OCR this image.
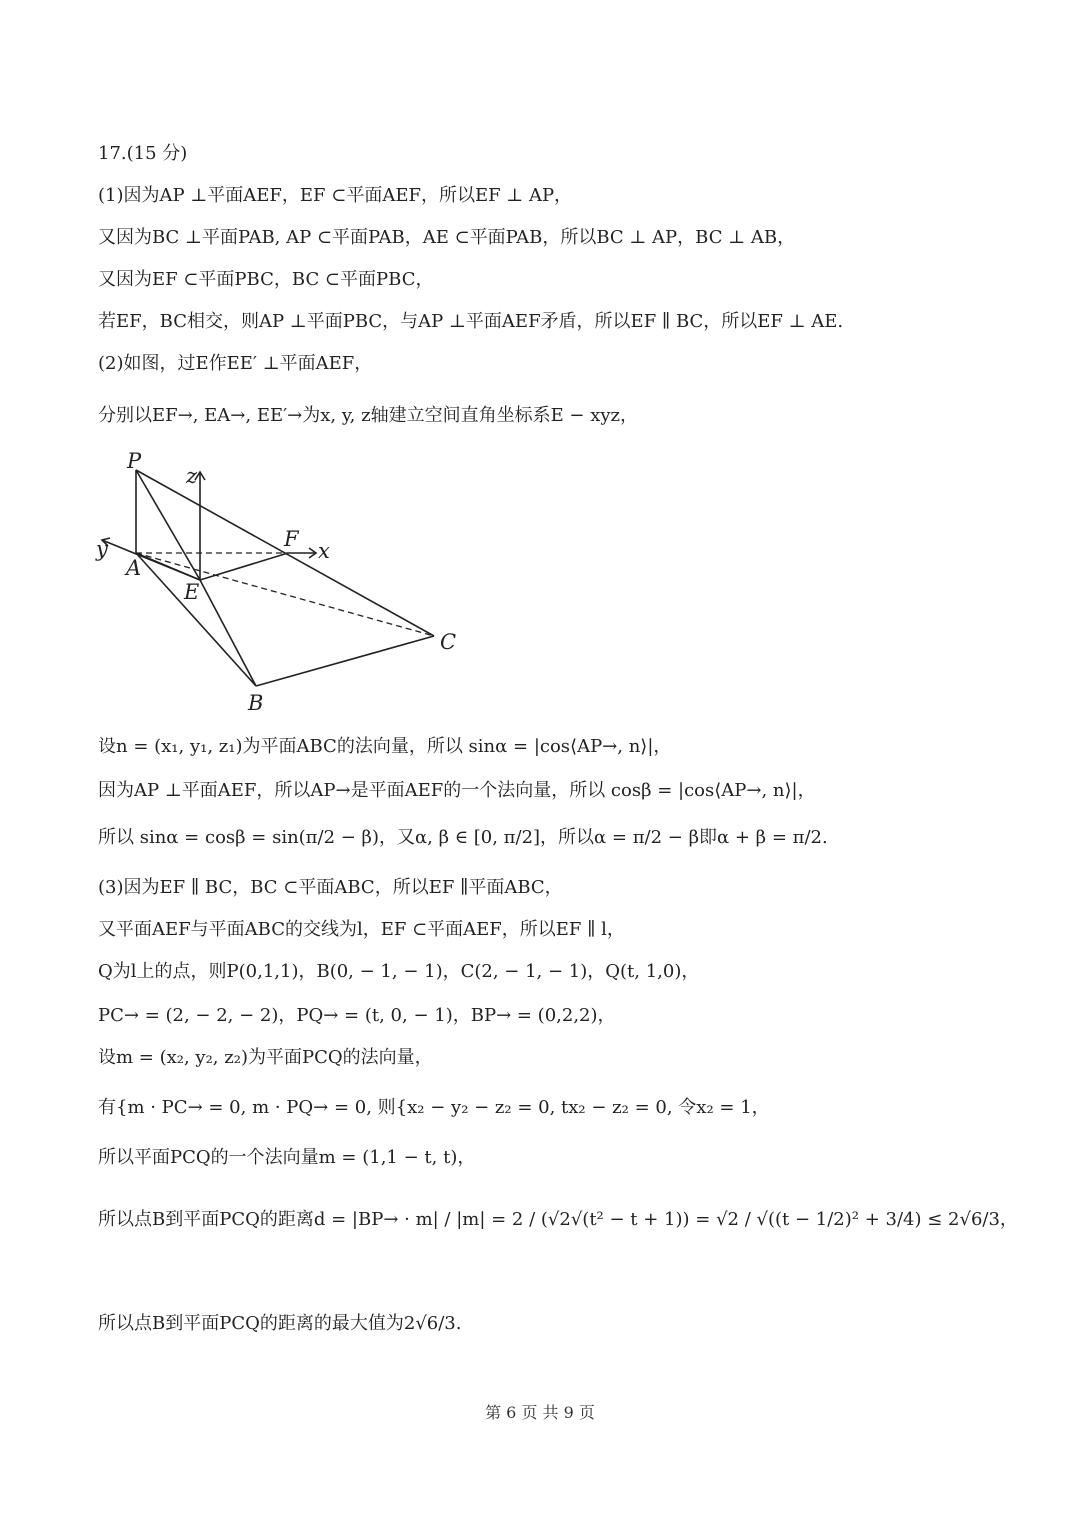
17.(15 分)
(1)因为AP ⊥平面AEF，EF ⊂平面AEF，所以EF ⊥ AP，
又因为BC ⊥平面PAB, AP ⊂平面PAB，AE ⊂平面PAB，所以BC ⊥ AP，BC ⊥ AB，
又因为EF ⊂平面PBC，BC ⊂平面PBC，
若EF，BC相交，则AP ⊥平面PBC，与AP ⊥平面AEF矛盾，所以EF ∥ BC，所以EF ⊥ AE.
(2)如图，过E作EE′ ⊥平面AEF，
分别以EF→, EA→, EE′→为x, y, z轴建立空间直角坐标系E − xyz，
P
z
y
A
E
F x
C
B
设n = (x₁, y₁, z₁)为平面ABC的法向量，所以 sinα = |cos⟨AP→, n⟩|，
因为AP ⊥平面AEF，所以AP→是平面AEF的一个法向量，所以 cosβ = |cos⟨AP→, n⟩|，
所以 sinα = cosβ = sin(π/2 − β)，又α, β ∈ [0, π/2]，所以α = π/2 − β即α + β = π/2.
(3)因为EF ∥ BC，BC ⊂平面ABC，所以EF ∥平面ABC，
又平面AEF与平面ABC的交线为l，EF ⊂平面AEF，所以EF ∥ l，
Q为l上的点，则P(0,1,1)，B(0, − 1, − 1)，C(2, − 1, − 1)，Q(t, 1,0)，
PC→ = (2, − 2, − 2)，PQ→ = (t, 0, − 1)，BP→ = (0,2,2)，
设m = (x₂, y₂, z₂)为平面PCQ的法向量，
有{m · PC→ = 0, m · PQ→ = 0, 则{x₂ − y₂ − z₂ = 0, tx₂ − z₂ = 0, 令x₂ = 1，
所以平面PCQ的一个法向量m = (1,1 − t, t)，
所以点B到平面PCQ的距离d = |BP→ · m| / |m| = 2 / (√2√(t² − t + 1)) = √2 / √((t − 1/2)² + 3/4) ≤ 2√6/3，
所以点B到平面PCQ的距离的最大值为2√6/3.
第 6 页 共 9 页
